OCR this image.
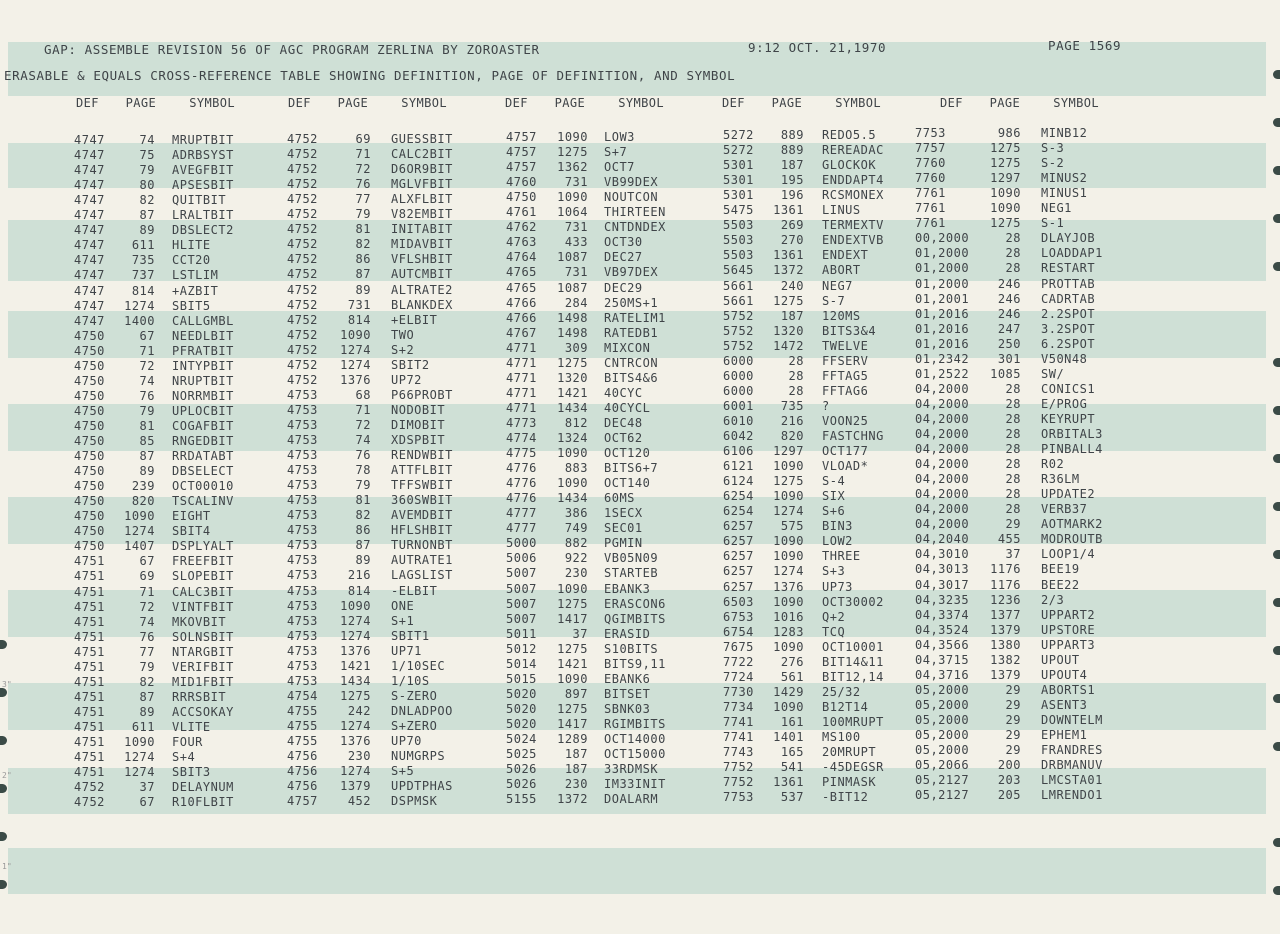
3"
2"
1"
GAP: ASSEMBLE REVISION 56 OF AGC PROGRAM ZERLINA BY ZOROASTER	9:12 OCT. 21,1970	PAGE 1569
ERASABLE & EQUALS CROSS-REFERENCE TABLE SHOWING DEFINITION, PAGE OF DEFINITION, AND SYMBOL
DEF PAGE	SYMBOL	DEF PAGE	SYMBOL	DEF PAGE	SYMBOL	DEF PAGE	SYMBOL	DEF PAGE	SYMBOL
4747	74 MRUPTBIT
4747	75 ADRBSYST
4747	79 AVEGFBIT
4747	80 APSESBIT
4747	82 QUITBIT
4747	87 LRALTBIT
4747	89 DBSLECT2
4747	611 HLITE
4747	735 CCT20
4747	737 LSTLIM
4747	814 +AZBIT
4747	1274 SBIT5
4747	1400 CALLGMBL
4750	67 NEEDLBIT
4750	71 PFRATBIT
4750	72 INTYPBIT
4750	74 NRUPTBIT
4750	76 NORRMBIT
4750	79 UPLOCBIT
4750	81 COGAFBIT
4750	85 RNGEDBIT
4750	87 RRDATABT
4750	89 DBSELECT
4750	239 OCT00010
4750	820 TSCALINV
4750	1090 EIGHT
4750	1274 SBIT4
4750	1407 DSPLYALT
4751	67 FREEFBIT
4751	69 SLOPEBIT
4751	71 CALC3BIT
4751	72 VINTFBIT
4751	74 MKOVBIT
4751	76 SOLNSBIT
4751	77 NTARGBIT
4751	79 VERIFBIT
4751	82 MID1FBIT
4751	87 RRRSBIT
4751	89 ACCSOKAY
4751	611 VLITE
4751	1090 FOUR
4751	1274 S+4
4751	1274 SBIT3
4752	37 DELAYNUM
4752	67 R10FLBIT
4752	69 GUESSBIT
4752	71 CALC2BIT
4752	72 D6OR9BIT
4752	76 MGLVFBIT
4752	77 ALXFLBIT
4752	79 V82EMBIT
4752	81 INITABIT
4752	82 MIDAVBIT
4752	86 VFLSHBIT
4752	87 AUTCMBIT
4752	89 ALTRATE2
4752	731 BLANKDEX
4752	814 +ELBIT
4752	1090 TWO
4752	1274 S+2
4752	1274 SBIT2
4752	1376 UP72
4753	68 P66PROBT
4753	71 NODOBIT
4753	72 DIMOBIT
4753	74 XDSPBIT
4753	76 RENDWBIT
4753	78 ATTFLBIT
4753	79 TFFSWBIT
4753	81 360SWBIT
4753	82 AVEMDBIT
4753	86 HFLSHBIT
4753	87 TURNONBT
4753	89 AUTRATE1
4753	216 LAGSLIST
4753	814 -ELBIT
4753	1090 ONE
4753	1274 S+1
4753	1274 SBIT1
4753	1376 UP71
4753	1421 1/10SEC
4753	1434 1/10S
4754	1275 S-ZERO
4755	242 DNLADPOO
4755	1274 S+ZERO
4755	1376 UP70
4756	230 NUMGRPS
4756	1274 S+5
4756	1379 UPDTPHAS
4757	452 DSPMSK
4757	1090 LOW3
4757	1275 S+7
4757	1362 OCT7
4760	731 VB99DEX
4750	1090 NOUTCON
4761	1064 THIRTEEN
4762	731 CNTDNDEX
4763	433 OCT30
4764	1087 DEC27
4765	731 VB97DEX
4765	1087 DEC29
4766	284 250MS+1
4766	1498 RATELIM1
4767	1498 RATEDB1
4771	309 MIXCON
4771	1275 CNTRCON
4771	1320 BITS4&6
4771	1421 40CYC
4771	1434 40CYCL
4773	812 DEC48
4774	1324 OCT62
4775	1090 OCT120
4776	883 BITS6+7
4776	1090 OCT140
4776	1434 60MS
4777	386 1SECX
4777	749 SEC01
5000	882 PGMIN
5006	922 VB05N09
5007	230 STARTEB
5007	1090 EBANK3
5007	1275 ERASCON6
5007	1417 QGIMBITS
5011	37 ERASID
5012	1275 S10BITS
5014	1421 BITS9,11
5015	1090 EBANK6
5020	897 BITSET
5020	1275 SBNK03
5020	1417 RGIMBITS
5024	1289 OCT14000
5025	187 OCT15000
5026	187 33RDMSK
5026	230 IM33INIT
5155	1372 DOALARM
5272	889 REDO5.5
5272	889 REREADAC
5301	187 GLOCKOK
5301	195 ENDDAPT4
5301	196 RCSMONEX
5475	1361 LINUS
5503	269 TERMEXTV
5503	270 ENDEXTVB
5503	1361 ENDEXT
5645	1372 ABORT
5661	240 NEG7
5661	1275 S-7
5752	187 120MS
5752	1320 BITS3&4
5752	1472 TWELVE
6000	28 FFSERV
6000	28 FFTAG5
6000	28 FFTAG6
6001	735 ?
6010	216 VOON25
6042	820 FASTCHNG
6106	1297 OCT177
6121	1090 VLOAD*
6124	1275 S-4
6254	1090 SIX
6254	1274 S+6
6257	575 BIN3
6257	1090 LOW2
6257	1090 THREE
6257	1274 S+3
6257	1376 UP73
6503	1090 OCT30002
6753	1016 Q+2
6754	1283 TCQ
7675	1090 OCT10001
7722	276 BIT14&11
7724	561 BIT12,14
7730	1429 25/32
7734	1090 B12T14
7741	161 100MRUPT
7741	1401 MS100
7743	165 20MRUPT
7752	541 -45DEGSR
7752	1361 PINMASK
7753	537 -BIT12
7753	986 MINB12
7757	1275 S-3
7760	1275 S-2
7760	1297 MINUS2
7761	1090 MINUS1
7761	1090 NEG1
7761	1275 S-1
00,2000	28 DLAYJOB
01,2000	28 LOADDAP1
01,2000	28 RESTART
01,2000	246 PROTTAB
01,2001	246 CADRTAB
01,2016	246 2.2SPOT
01,2016	247 3.2SPOT
01,2016	250 6.2SPOT
01,2342	301 V50N48
01,2522	1085 SW/
04,2000	28 CONICS1
04,2000	28 E/PROG
04,2000	28 KEYRUPT
04,2000	28 ORBITAL3
04,2000	28 PINBALL4
04,2000	28 R02
04,2000	28 R36LM
04,2000	28 UPDATE2
04,2000	28 VERB37
04,2000	29 AOTMARK2
04,2040	455 MODROUTB
04,3010	37 LOOP1/4
04,3013	1176 BEE19
04,3017	1176 BEE22
04,3235	1236 2/3
04,3374	1377 UPPART2
04,3524	1379 UPSTORE
04,3566	1380 UPPART3
04,3715	1382 UPOUT
04,3716	1379 UPOUT4
05,2000	29 ABORTS1
05,2000	29 ASENT3
05,2000	29 DOWNTELM
05,2000	29 EPHEM1
05,2000	29 FRANDRES
05,2066	200 DRBMANUV
05,2127	203 LMCSTA01
05,2127	205 LMRENDO1
